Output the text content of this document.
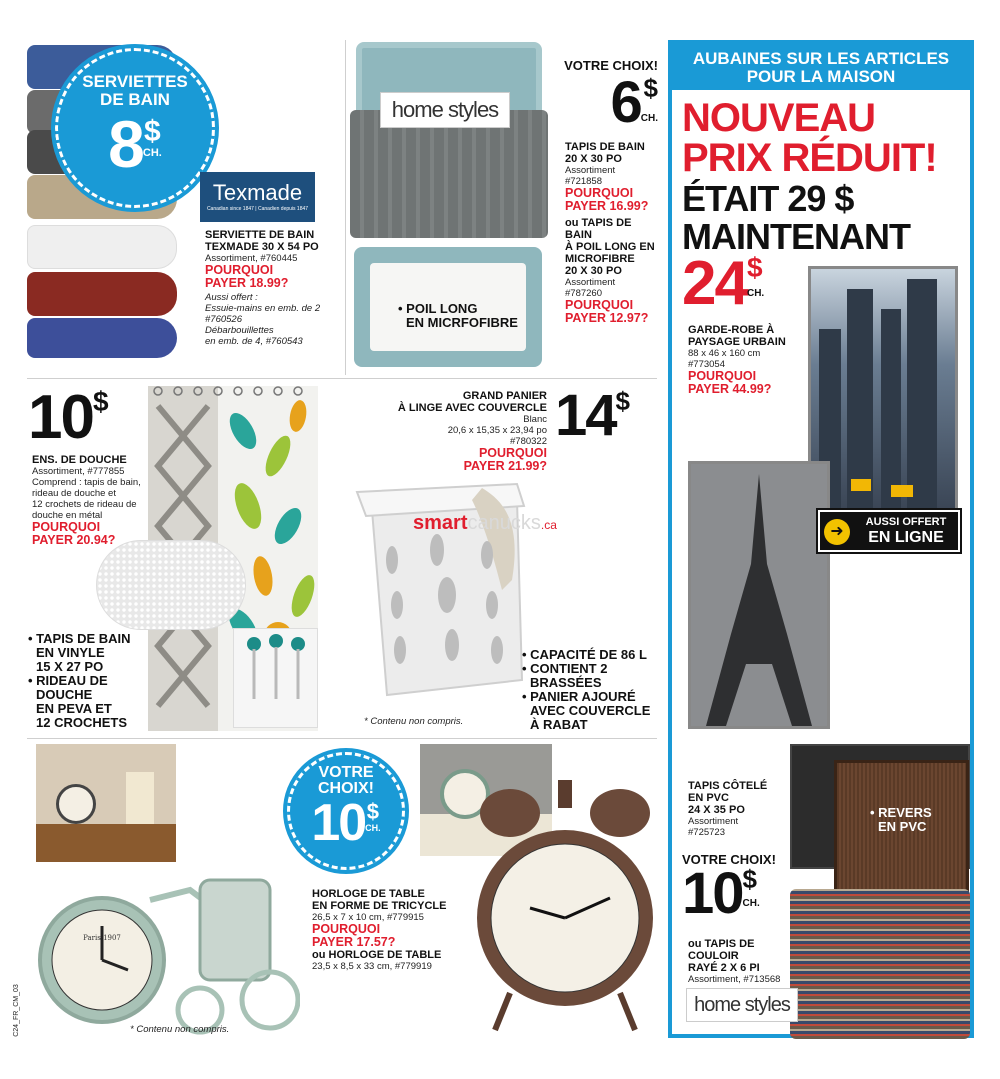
SERVIETTES
DE BAIN
8$
CH.
Texmade
Canadian since 1847 | Canadien depuis 1847
SERVIETTE DE BAIN
TEXMADE 30 X 54 PO
Assortiment, #760445
POURQUOI
PAYER 18.99?
Aussi offert :
Essuie-mains en emb. de 2
#760526
Débarbouillettes
en emb. de 4, #760543
home styles
• POIL LONG
EN MICRFOFIBRE
VOTRE CHOIX!
6 $
CH.
TAPIS DE BAIN
20 X 30 PO
Assortiment
#721858
POURQUOI
PAYER 16.99?
ou TAPIS DE BAIN
À POIL LONG EN
MICROFIBRE
20 X 30 PO
Assortiment
#787260
POURQUOI
PAYER 12.97?
10$
ENS. DE DOUCHE
Assortiment, #777855
Comprend : tapis de bain,
rideau de douche et
12 crochets de rideau de
douche en métal
POURQUOI
PAYER 20.94?
• TAPIS DE BAIN
EN VINYLE
15 X 27 PO
• RIDEAU DE
DOUCHE
EN PEVA ET
12 CROCHETS
GRAND PANIER
À LINGE AVEC COUVERCLE
Blanc
20,6 x 15,35 x 23,94 po
#780322
POURQUOI
PAYER 21.99?
14$
smartcanucks.ca
• CAPACITÉ DE 86 L
• CONTIENT 2
BRASSÉES
• PANIER AJOURÉ
AVEC COUVERCLE
À RABAT
* Contenu non compris.
Paris 1907
VOTRE
CHOIX!
10$
CH.
HORLOGE DE TABLE
EN FORME DE TRICYCLE
26,5 x 7 x 10 cm, #779915
POURQUOI
PAYER 17.57?
ou HORLOGE DE TABLE
23,5 x 8,5 x 33 cm, #779919
* Contenu non compris.
C24_FR_CM_03
AUBAINES SUR LES ARTICLES
POUR LA MAISON
NOUVEAU
PRIX RÉDUIT!
ÉTAIT 29 $
MAINTENANT
24$
CH.
GARDE-ROBE À
PAYSAGE URBAIN
88 x 46 x 160 cm
#773054
POURQUOI
PAYER 44.99?
➜
AUSSI OFFERT
EN LIGNE
• REVERS
EN PVC
TAPIS CÔTELÉ
EN PVC
24 X 35 PO
Assortiment
#725723
VOTRE CHOIX!
10$
CH.
ou TAPIS DE
COULOIR
RAYÉ 2 X 6 PI
Assortiment, #713568
home styles
